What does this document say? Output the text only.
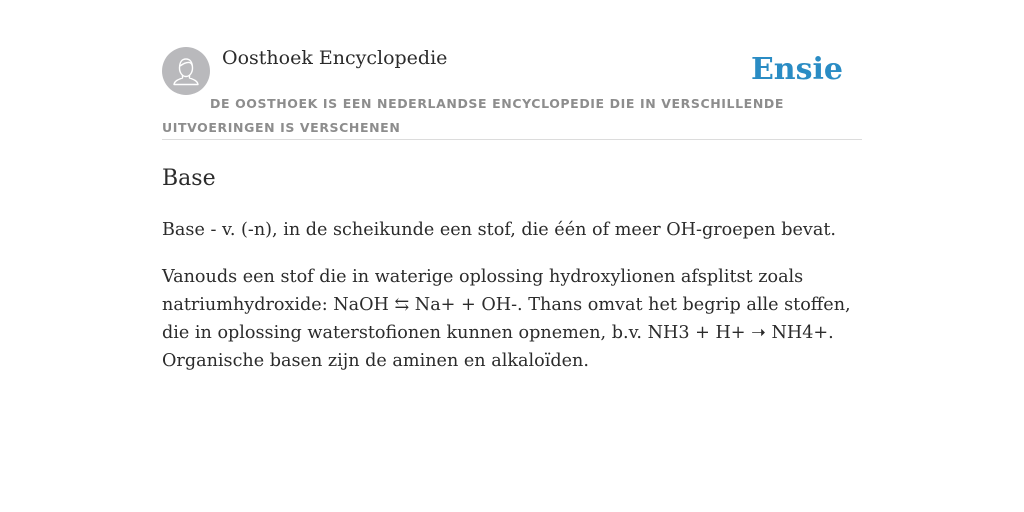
Oosthoek Encyclopedie	Ensie
DE OOSTHOEK IS EEN NEDERLANDSE ENCYCLOPEDIE DIE IN VERSCHILLENDE UITVOERINGEN IS VERSCHENEN
Base

Base - v. (-n), in de scheikunde een stof, die één of meer OH-groepen bevat.

Vanouds een stof die in waterige oplossing hydroxylionen afsplitst zoals natriumhydroxide: NaOH ⇆ Na+ + OH-. Thans omvat het begrip alle stoffen, die in oplossing waterstofionen kunnen opnemen, b.v. NH3 + H+ ➝ NH4+. Organische basen zijn de aminen en alkaloïden.
